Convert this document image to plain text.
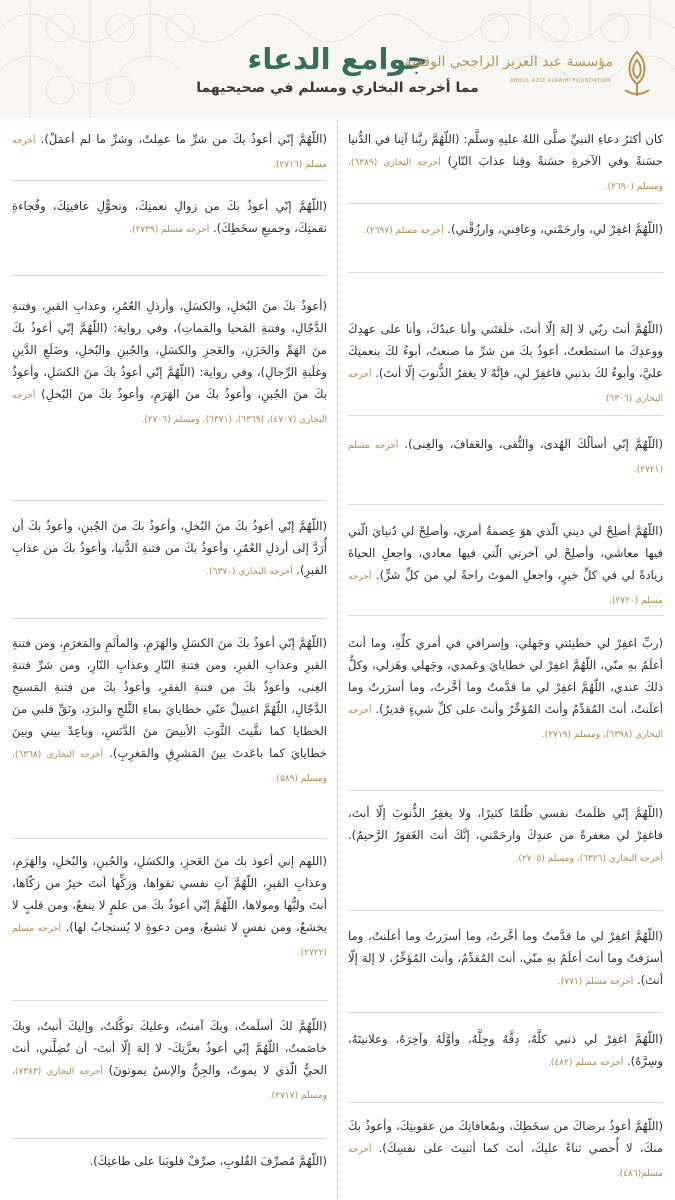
جوامع الدعاء
مما أخرجه البخاري ومسلم في صحيحيهما
مؤسسة عبد العزيز الراجحي الوقفية
ABDUL AZIZ ALRAJHI FOUNDATION
كان أكثرُ دعاءِ النبيِّ صلَّى اللهُ عليهِ وسلَّم: (اللّهُمَّ ربَّنا آتِنا في الدُّنيا حسَنةً وفي الآخرةِ حسَنةً وقِنا عذابَ النّارِ) أخرجه البخاري (٦٣٨٩)، ومسلم (٢٦٩٠).
(اللّهُمَّ اغفِرْ لي، وارحَمْني، وعافِني، وارزُقْني). أخرجه مسلم (٢٦٩٧).
(اللّهُمَّ أنتَ ربّي لا إلهَ إلّا أنتَ، خلَقتَني وأنا عبدُكَ، وأنا على عهدِكَ ووعدِكَ ما استطعتُ، أعوذُ بكَ من شرِّ ما صنعتُ، أبوءُ لكَ بنعمتِكَ عليَّ، وأبوءُ لكَ بذنبي فاغفِرْ لي، فإنَّهُ لا يغفرُ الذُّنوبَ إلّا أنتَ). أخرجه البخاري (٦٣٠٦)
(اللّهُمَّ إنّي أسألُكَ الهُدى، والتُّقى، والعَفافَ، والغِنى). أخرجه مسلم (٢٧٢١).
(اللّهُمَّ أصلِحْ لي ديني الّذي هوَ عِصمةُ أمري، وأصلِحْ لي دُنيايَ الّتي فيها معاشي، وأصلِحْ لي آخرتي الّتي فيها معادي، واجعلِ الحياةَ زيادةً لي في كلِّ خيرٍ، واجعلِ الموتَ راحةً لي من كلِّ شرٍّ). أخرجه مسلم (٢٧٢٠).
(ربِّ اغفِرْ لي خطيئتي وجَهلي، وإسرافي في أمري كلِّهِ، وما أنتَ أعلَمُ بهِ منّي، اللّهُمَّ اغفِرْ لي خطايايَ وعَمدي، وجَهلي وهَزلي، وكلُّ ذلكَ عندي، اللّهُمَّ اغفِرْ لي ما قدَّمتُ وما أخَّرتُ، وما أسرَرتُ وما أعلَنتُ، أنتَ المُقدِّمُ وأنتَ المُؤخِّرُ وأنتَ على كلِّ شيءٍ قديرٌ). أخرجه البخاري (٦٣٩٨)، ومسلم (٢٧١٩).
(اللّهُمَّ إنّي ظلَمتُ نفسي ظُلمًا كثيرًا، ولا يغفِرُ الذُّنوبَ إلّا أنتَ، فاغفِرْ لي مغفرةً من عندِكَ وارحَمْني، إنَّكَ أنتَ الغَفورُ الرَّحيمُ). أخرجه البخاري (٦٣٢٦)، ومسلم (٢٧٠٥).
(اللّهُمَّ اغفِرْ لي ما قدَّمتُ وما أخَّرتُ، وما أسرَرتُ وما أعلَنتُ، وما أسرَفتُ وما أنتَ أعلَمُ بهِ منّي، أنتَ المُقدِّمُ، وأنتَ المُؤخِّرُ، لا إلهَ إلّا أنتَ). أخرجه مسلم (٧٧١).
(اللّهُمَّ اغفِرْ لي ذنبي كلَّهُ، دِقَّهُ وجِلَّهُ، وأوَّلَهُ وآخِرَهُ، وعلانيتَهُ، وسِرَّهُ). أخرجه مسلم (٤٨٢).
(اللّهُمَّ أعوذُ برضاكَ من سخَطِكَ، وبمُعافاتِكَ من عقوبتِكَ، وأعوذُ بكَ منكَ، لا أُحصي ثناءً عليكَ، أنتَ كما أثنيتَ على نفسِكَ). أخرجه مسلم(٤٨٦).
(اللّهُمَّ إنّي أعوذُ بكَ من شرِّ ما عمِلتُ، وشرِّ ما لم أعمَلْ). أخرجه مسلم (٢٧١٦).
(اللّهُمَّ إنّي أعوذُ بكَ من زوالِ نعمتِكَ، وتحوُّلِ عافيتِكَ، وفُجاءةِ نقمتِكَ، وجميعِ سخَطِكَ). أخرجه مسلم (٢٧٣٩).
(أعوذُ بكَ منَ البُخلِ، والكسَلِ، وأرذلِ العُمُرِ، وعذابِ القبرِ، وفتنةِ الدَّجّالِ، وفتنةِ المَحيا والمَماتِ)، وفي رواية: (اللّهُمَّ إنّي أعوذُ بكَ منَ الهَمِّ والحَزَنِ، والعَجزِ والكسَلِ، والجُبنِ والبُخلِ، وضَلَعِ الدَّينِ وغلَبةِ الرِّجالِ)، وفي رواية: (اللّهُمَّ إنّي أعوذُ بكَ منَ الكسَلِ، وأعوذُ بكَ منَ الجُبنِ، وأعوذُ بكَ منَ الهَرَمِ، وأعوذُ بكَ منَ البُخلِ) أخرجه البخاري (٤٧٠٧)، (٦٣٦٩)، (٦٣٧١)، ومسلم (٢٧٠٦).
(اللّهُمَّ إنّي أعوذُ بكَ منَ البُخلِ، وأعوذُ بكَ منَ الجُبنِ، وأعوذُ بكَ أن أُرَدَّ إلى أرذلِ العُمُرِ، وأعوذُ بكَ من فتنةِ الدُّنيا، وأعوذُ بكَ من عذابِ القبرِ). أخرجه البخاري (٦٣٧٠).
(اللّهُمَّ إنّي أعوذُ بكَ منَ الكسَلِ والهَرَمِ، والمأثَمِ والمَغرَمِ، ومن فتنةِ القبرِ وعذابِ القبرِ، ومن فتنةِ النّارِ وعذابِ النّارِ، ومن شرِّ فتنةِ الغِنى، وأعوذُ بكَ من فتنةِ الفقرِ، وأعوذُ بكَ من فتنةِ المَسيحِ الدَّجّالِ، اللّهُمَّ اغسِلْ عنّي خطايايَ بماءِ الثَّلجِ والبرَدِ، ونَقِّ قلبي منَ الخطايا كما نقَّيتَ الثَّوبَ الأبيضَ منَ الدَّنَسِ، وباعِدْ بيني وبينَ خطايايَ كما باعَدتَ بينَ المَشرِقِ والمَغرِبِ). أخرجه البخاري (٦٣٦٨)، ومسلم (٥٨٩).
(اللهم إني أعوذ بك منَ العَجزِ، والكسَلِ، والجُبنِ، والبُخلِ، والهَرَمِ، وعذابِ القبرِ، اللّهُمَّ آتِ نفسي تقواها، وزكِّها أنتَ خيرُ من زكّاها، أنتَ وليُّها ومولاها، اللّهُمَّ إنّي أعوذُ بكَ من علمٍ لا ينفعُ، ومن قلبٍ لا يخشعُ، ومن نفسٍ لا تشبعُ، ومن دعوةٍ لا يُستجابُ لها). أخرجه مسلم (٢٧٢٢).
(اللّهُمَّ لكَ أسلَمتُ، وبكَ آمنتُ، وعليكَ توكَّلتُ، وإليكَ أنبتُ، وبكَ خاصَمتُ، اللّهُمَّ إنّي أعوذُ بعزَّتِكَ- لا إلهَ إلّا أنتَ- أن تُضِلَّني، أنتَ الحيُّ الّذي لا يموتُ، والجِنُّ والإنسُ يموتونَ) أخرجه البخاري (٧٣٨٣)، ومسلم (٢٧١٧).
(اللّهُمَّ مُصرِّفَ القُلوبِ، صرِّفْ قلوبَنا على طاعتِكَ).
